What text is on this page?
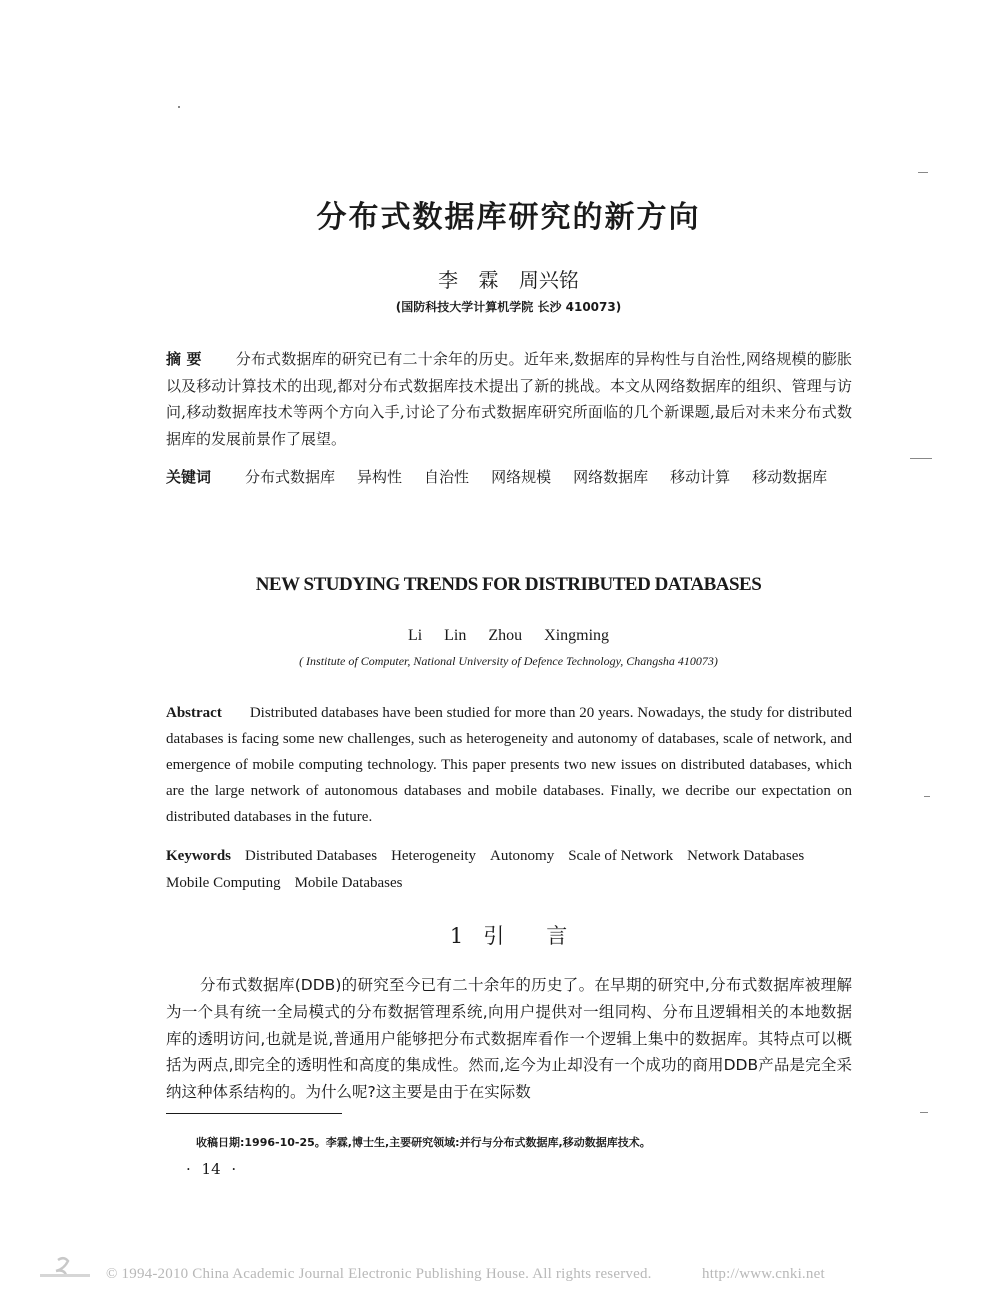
分布式数据库研究的新方向
李 霖 周兴铭
(国防科技大学计算机学院 长沙 410073)
摘 要 分布式数据库的研究已有二十余年的历史。近年来,数据库的异构性与自治性,网络规模的膨胀以及移动计算技术的出现,都对分布式数据库技术提出了新的挑战。本文从网络数据库的组织、管理与访问,移动数据库技术等两个方向入手,讨论了分布式数据库研究所面临的几个新课题,最后对未来分布式数据库的发展前景作了展望。
关键词 分布式数据库 异构性 自治性 网络规模 网络数据库 移动计算 移动数据库
NEW STUDYING TRENDS FOR DISTRIBUTED DATABASES
Li Lin Zhou Xingming
( Institute of Computer, National University of Defence Technology, Changsha 410073)
Abstract Distributed databases have been studied for more than 20 years. Nowadays, the study for distributed databases is facing some new challenges, such as heterogeneity and autonomy of databases, scale of network, and emergence of mobile computing technology. This paper presents two new issues on distributed databases, which are the large network of autonomous databases and mobile databases. Finally, we decribe our expectation on distributed databases in the future.
Keywords Distributed Databases Heterogeneity Autonomy Scale of Network Network Databases
Mobile Computing Mobile Databases
1 引 言
分布式数据库(DDB)的研究至今已有二十余年的历史了。在早期的研究中,分布式数据库被理解为一个具有统一全局模式的分布数据管理系统,向用户提供对一组同构、分布且逻辑相关的本地数据库的透明访问,也就是说,普通用户能够把分布式数据库看作一个逻辑上集中的数据库。其特点可以概括为两点,即完全的透明性和高度的集成性。然而,迄今为止却没有一个成功的商用DDB产品是完全采纳这种体系结构的。为什么呢?这主要是由于在实际数
收稿日期:1996-10-25。李霖,博士生,主要研究领域:并行与分布式数据库,移动数据库技术。
· 14 ·
© 1994-2010 China Academic Journal Electronic Publishing House. All rights reserved.	http://www.cnki.net
